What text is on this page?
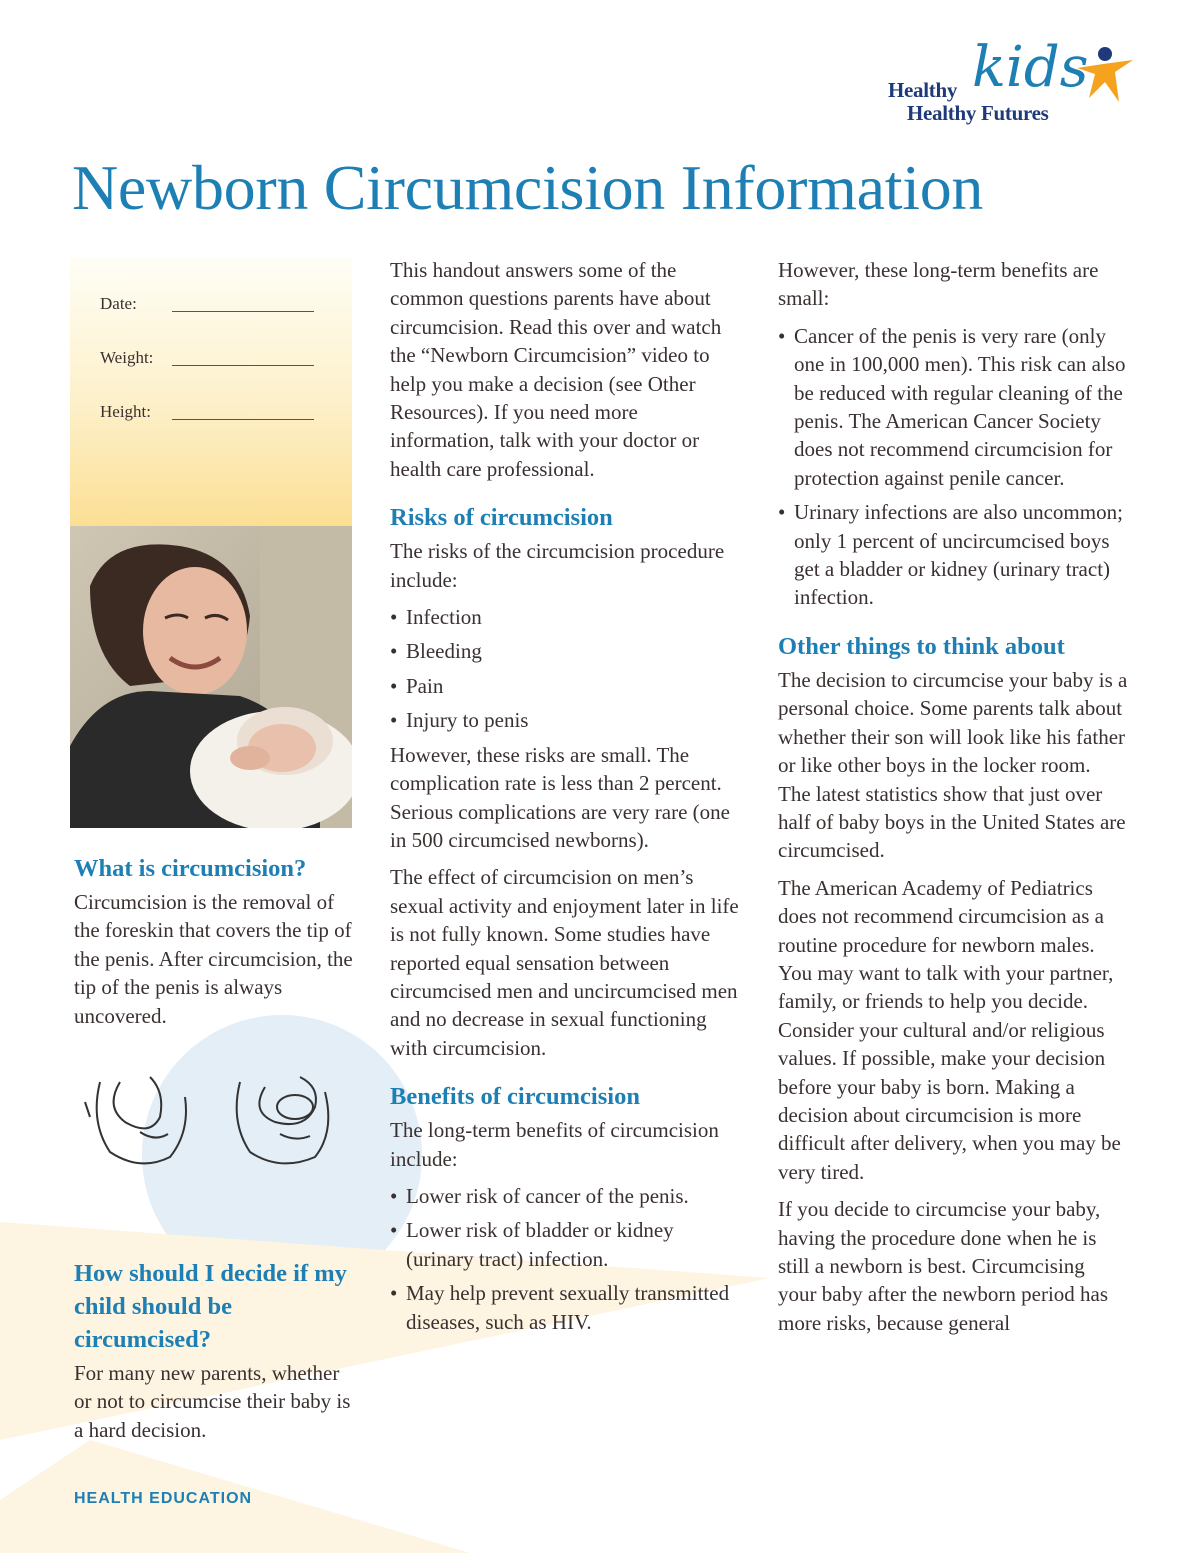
Healthy kids
Healthy Futures
Newborn Circumcision Information
Date:
Weight:
Height:
What is circumcision?

Circumcision is the removal of the foreskin that covers the tip of the penis. After circumcision, the tip of the penis is always uncovered.

How should I decide if my child should be circumcised?

For many new parents, whether or not to circumcise their baby is a hard decision.

This handout answers some of the common questions parents have about circumcision. Read this over and watch the “Newborn Circumcision” video to help you make a decision (see Other Resources). If you need more information, talk with your doctor or health care professional.

Risks of circumcision

The risks of the circumcision procedure include:

• Infection
• Bleeding
• Pain
• Injury to penis

However, these risks are small. The complication rate is less than 2 percent. Serious complications are very rare (one in 500 circumcised newborns).

The effect of circumcision on men’s sexual activity and enjoyment later in life is not fully known. Some studies have reported equal sensation between circumcised men and uncircumcised men and no decrease in sexual functioning with circumcision.

Benefits of circumcision

The long-term benefits of circumcision include:

• Lower risk of cancer of the penis.
• Lower risk of bladder or kidney (urinary tract) infection.
• May help prevent sexually transmitted diseases, such as HIV.

However, these long-term benefits are small:

• Cancer of the penis is very rare (only one in 100,000 men). This risk can also be reduced with regular cleaning of the penis. The American Cancer Society does not recommend circumcision for protection against penile cancer.
• Urinary infections are also uncommon; only 1 percent of uncircumcised boys get a bladder or kidney (urinary tract) infection.
Other things to think about

The decision to circumcise your baby is a personal choice. Some parents talk about whether their son will look like his father or like other boys in the locker room. The latest statistics show that just over half of baby boys in the United States are circumcised.

The American Academy of Pediatrics does not recommend circumcision as a routine procedure for newborn males. You may want to talk with your partner, family, or friends to help you decide. Consider your cultural and/or religious values. If possible, make your decision before your baby is born. Making a decision about circumcision is more difficult after delivery, when you may be very tired.

If you decide to circumcise your baby, having the procedure done when he is still a newborn is best. Circumcising your baby after the newborn period has more risks, because general

HEALTH EDUCATION
